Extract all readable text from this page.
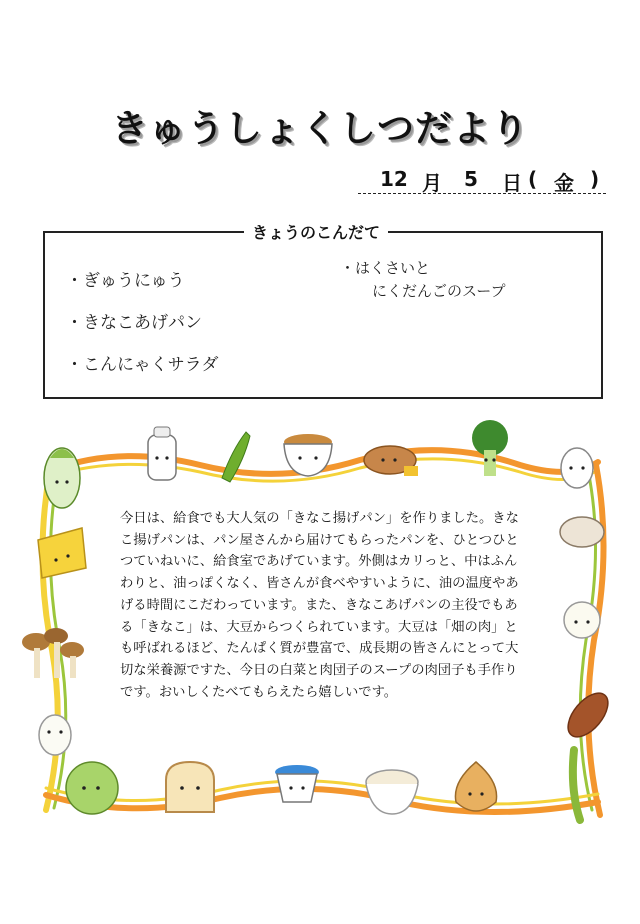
きゅうしょくしつだより
12 月 5 日 ( 金 )
きょうのこんだて
・ぎゅうにゅう
・きなこあげパン
・こんにゃくサラダ
・はくさいと
にくだんごのスープ
今日は、給食でも大人気の「きなこ揚げパン」を作りました。きなこ揚げパンは、パン屋さんから届けてもらったパンを、ひとつひとつていねいに、給食室であげています。外側はカリっと、中はふんわりと、油っぽくなく、皆さんが食べやすいように、油の温度やあげる時間にこだわっています。また、きなこあげパンの主役でもある「きなこ」は、大豆からつくられています。大豆は「畑の肉」とも呼ばれるほど、たんぱく質が豊富で、成長期の皆さんにとって大切な栄養源ですた、今日の白菜と肉団子のスープの肉団子も手作りです。おいしくたべてもらえたら嬉しいです。
